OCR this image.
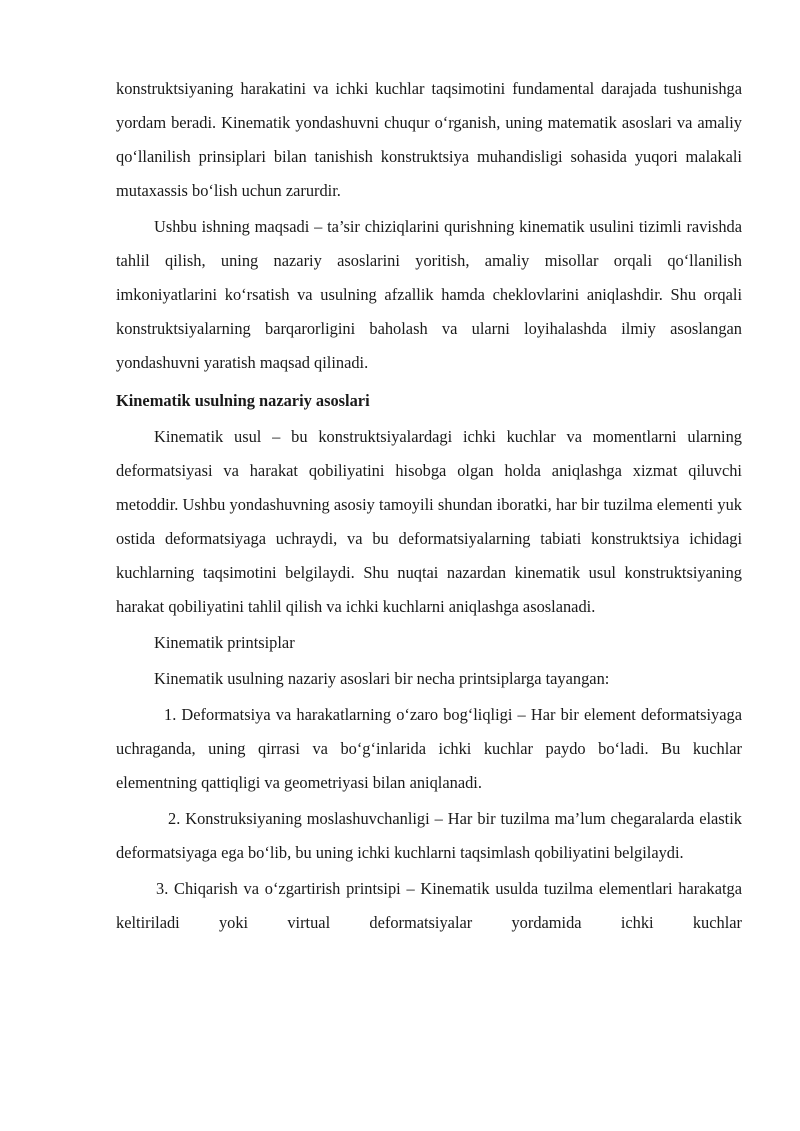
konstruktsiyaning harakatini va ichki kuchlar taqsimotini fundamental darajada tushunishga yordam beradi. Kinematik yondashuvni chuqur o‘rganish, uning matematik asoslari va amaliy qo‘llanilish prinsiplari bilan tanishish konstruktsiya muhandisligi sohasida yuqori malakali mutaxassis bo‘lish uchun zarurdir.

Ushbu ishning maqsadi – ta’sir chiziqlarini qurishning kinematik usulini tizimli ravishda tahlil qilish, uning nazariy asoslarini yoritish, amaliy misollar orqali qo‘llanilish imkoniyatlarini ko‘rsatish va usulning afzallik hamda cheklovlarini aniqlashdir. Shu orqali konstruktsiyalarning barqarorligini baholash va ularni loyihalashda ilmiy asoslangan yondashuvni yaratish maqsad qilinadi.

Kinematik usulning nazariy asoslari

Kinematik usul – bu konstruktsiyalardagi ichki kuchlar va momentlarni ularning deformatsiyasi va harakat qobiliyatini hisobga olgan holda aniqlashga xizmat qiluvchi metoddir. Ushbu yondashuvning asosiy tamoyili shundan iboratki, har bir tuzilma elementi yuk ostida deformatsiyaga uchraydi, va bu deformatsiyalarning tabiati konstruktsiya ichidagi kuchlarning taqsimotini belgilaydi. Shu nuqtai nazardan kinematik usul konstruktsiyaning harakat qobiliyatini tahlil qilish va ichki kuchlarni aniqlashga asoslanadi.

Kinematik printsiplar

Kinematik usulning nazariy asoslari bir necha printsiplarga tayangan:

1. Deformatsiya va harakatlarning o‘zaro bog‘liqligi – Har bir element deformatsiyaga uchraganda, uning qirrasi va bo‘g‘inlarida ichki kuchlar paydo bo‘ladi. Bu kuchlar elementning qattiqligi va geometriyasi bilan aniqlanadi.

2. Konstruksiyaning moslashuvchanligi – Har bir tuzilma ma’lum chegaralarda elastik deformatsiyaga ega bo‘lib, bu uning ichki kuchlarni taqsimlash qobiliyatini belgilaydi.

3. Chiqarish va o‘zgartirish printsipi – Kinematik usulda tuzilma elementlari harakatga keltiriladi yoki virtual deformatsiyalar yordamida ichki kuchlar
